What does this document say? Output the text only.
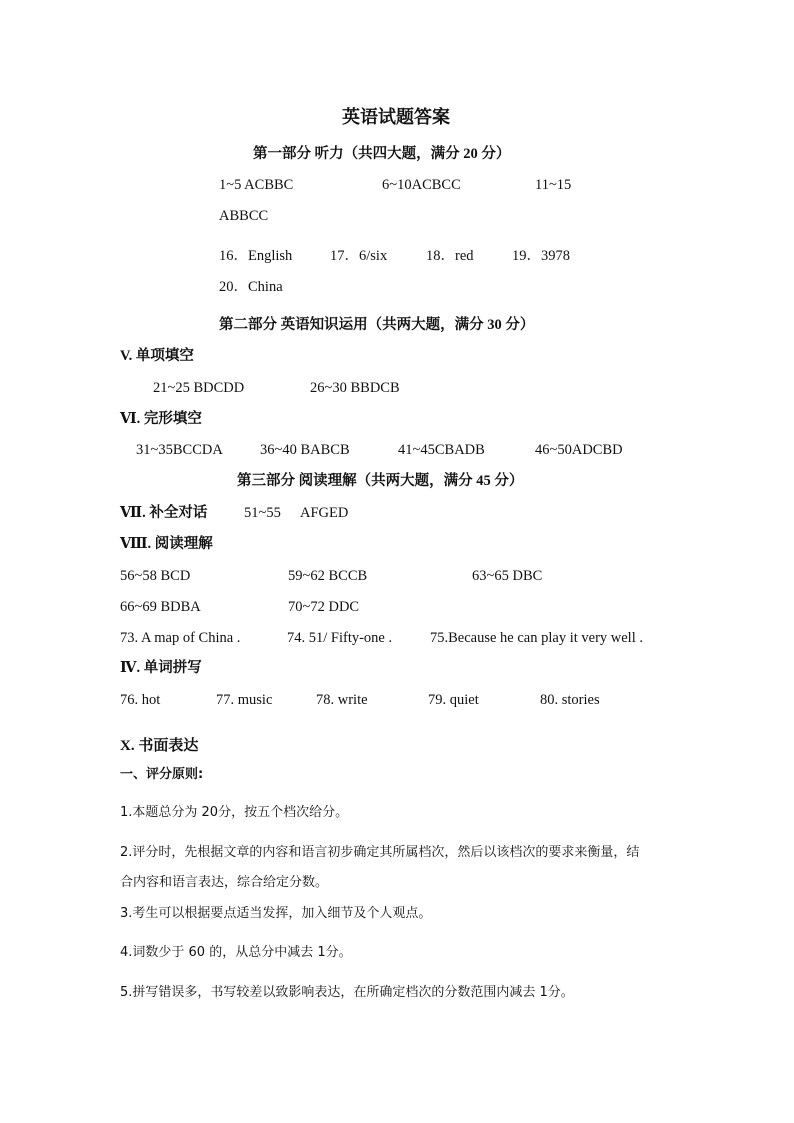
英语试题答案
第一部分 听力（共四大题，满分 20 分）
1~5 ACBBC	6~10ACBCC	11~15
ABBCC
16．English	17．6/six	18．red	19．3978
20．China
第二部分 英语知识运用（共两大题，满分 30 分）
V. 单项填空
21~25 BDCDD	26~30 BBDCB
Ⅵ. 完形填空
31~35BCCDA	36~40 BABCB	41~45CBADB	46~50ADCBD
第三部分 阅读理解（共两大题，满分 45 分）
Ⅶ. 补全对话	51~55 AFGED
Ⅷ. 阅读理解
56~58 BCD	59~62 BCCB	63~65 DBC
66~69 BDBA	70~72 DDC
73. A map of China .	74. 51/ Fifty-one .	75.Because he can play it very well .
Ⅳ. 单词拼写
76. hot	77. music	78. write	79. quiet	80. stories
X. 书面表达
一、评分原则:
1.本题总分为 20分，按五个档次给分。
2.评分时，先根据文章的内容和语言初步确定其所属档次，然后以该档次的要求来衡量，结
合内容和语言表达，综合给定分数。
3.考生可以根据要点适当发挥，加入细节及个人观点。
4.词数少于 60 的，从总分中减去 1分。
5.拼写错误多，书写较差以致影响表达，在所确定档次的分数范围内减去 1分。
